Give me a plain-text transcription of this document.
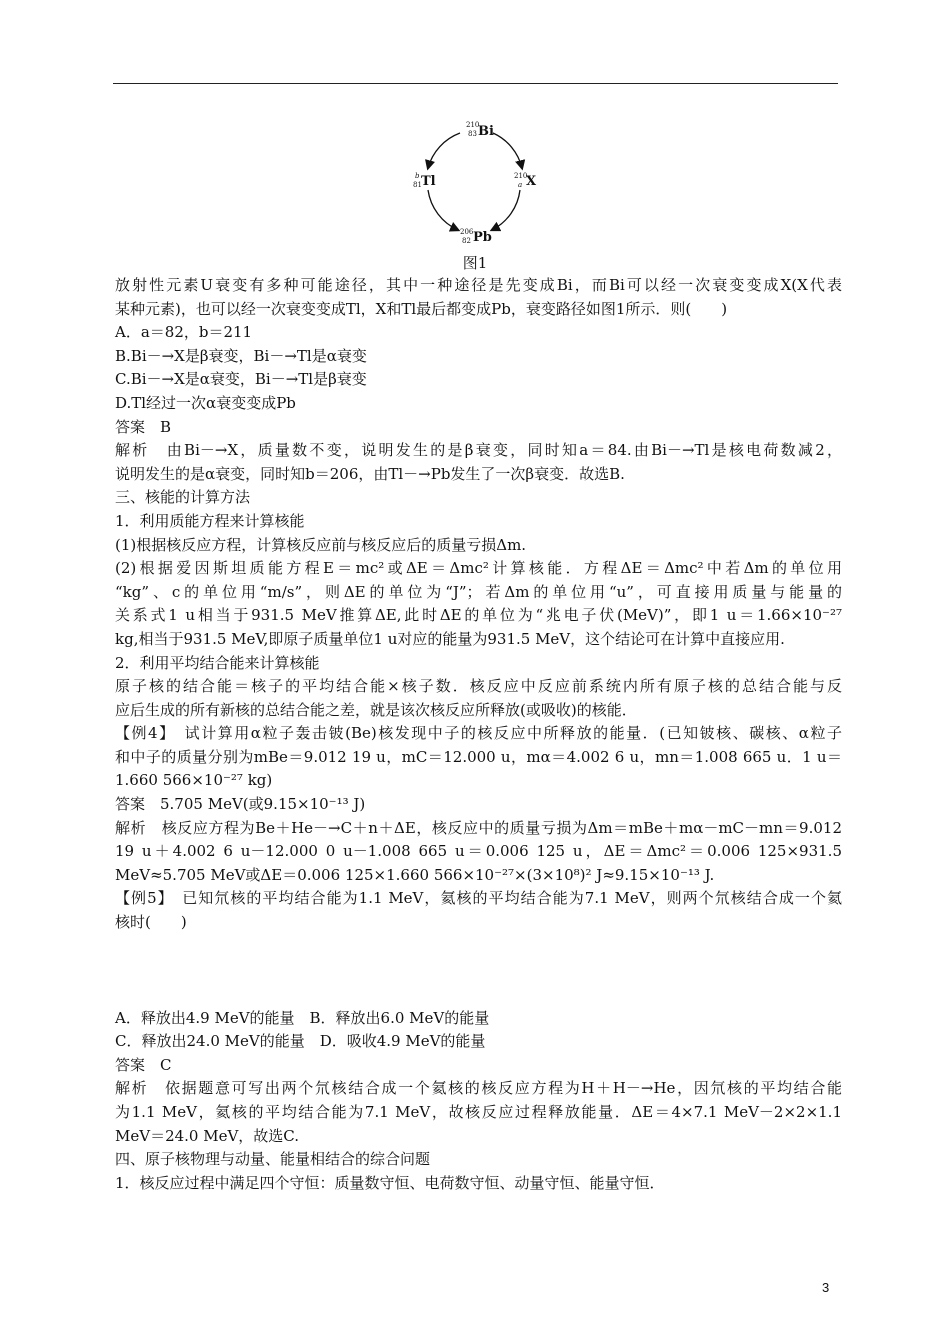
210
83 Bi
210
a X
b
81 Tl
206
82 Pb
图1

放射性元素U衰变有多种可能途径，其中一种途径是先变成Bi，而Bi可以经一次衰变变成X(X代表

某种元素)，也可以经一次衰变变成Tl，X和Tl最后都变成Pb，衰变路径如图1所示．则(　　)

A．a＝82，b＝211

B.Bi－→X是β衰变，Bi－→Tl是α衰变

C.Bi－→X是α衰变，Bi－→Tl是β衰变

D.Tl经过一次α衰变变成Pb

答案　B

解析　由Bi－→X，质量数不变，说明发生的是β衰变，同时知a＝84.由Bi－→Tl是核电荷数减2，

说明发生的是α衰变，同时知b＝206，由Tl－→Pb发生了一次β衰变．故选B.

三、核能的计算方法

1．利用质能方程来计算核能

(1)根据核反应方程，计算核反应前与核反应后的质量亏损Δm.

(2)根据爱因斯坦质能方程E＝mc²或ΔE＝Δmc²计算核能．方程ΔE＝Δmc²中若Δm的单位用

“kg”、c的单位用“m/s”，则ΔE的单位为“J”；若Δm的单位用“u”，可直接用质量与能量的

关系式1 u相当于931.5 MeV推算ΔE,此时ΔE的单位为“兆电子伏(MeV)”，即1 u＝1.66×10⁻²⁷

kg,相当于931.5 MeV,即原子质量单位1 u对应的能量为931.5 MeV，这个结论可在计算中直接应用.

2．利用平均结合能来计算核能

原子核的结合能＝核子的平均结合能×核子数．核反应中反应前系统内所有原子核的总结合能与反

应后生成的所有新核的总结合能之差，就是该次核反应所释放(或吸收)的核能．

【例4】　试计算用α粒子轰击铍(Be)核发现中子的核反应中所释放的能量．(已知铍核、碳核、α粒子

和中子的质量分别为mBe＝9.012 19 u，mC＝12.000 u，mα＝4.002 6 u，mn＝1.008 665 u．1 u＝

1.660 566×10⁻²⁷ kg)

答案　5.705 MeV(或9.15×10⁻¹³ J)

解析　核反应方程为Be＋He－→C＋n＋ΔE，核反应中的质量亏损为Δm＝mBe＋mα－mC－mn＝9.012

19 u＋4.002 6 u－12.000 0 u－1.008 665 u＝0.006 125 u，ΔE＝Δmc²＝0.006 125×931.5

MeV≈5.705 MeV或ΔE＝0.006 125×1.660 566×10⁻²⁷×(3×10⁸)² J≈9.15×10⁻¹³ J.

【例5】　已知氘核的平均结合能为1.1 MeV，氦核的平均结合能为7.1 MeV，则两个氘核结合成一个氦

核时(　　)

A．释放出4.9 MeV的能量　B．释放出6.0 MeV的能量

C．释放出24.0 MeV的能量　D．吸收4.9 MeV的能量

答案　C

解析　依据题意可写出两个氘核结合成一个氦核的核反应方程为H＋H－→He，因氘核的平均结合能

为1.1 MeV，氦核的平均结合能为7.1 MeV，故核反应过程释放能量．ΔE＝4×7.1 MeV－2×2×1.1

MeV＝24.0 MeV，故选C.

四、原子核物理与动量、能量相结合的综合问题

1．核反应过程中满足四个守恒：质量数守恒、电荷数守恒、动量守恒、能量守恒．

3
